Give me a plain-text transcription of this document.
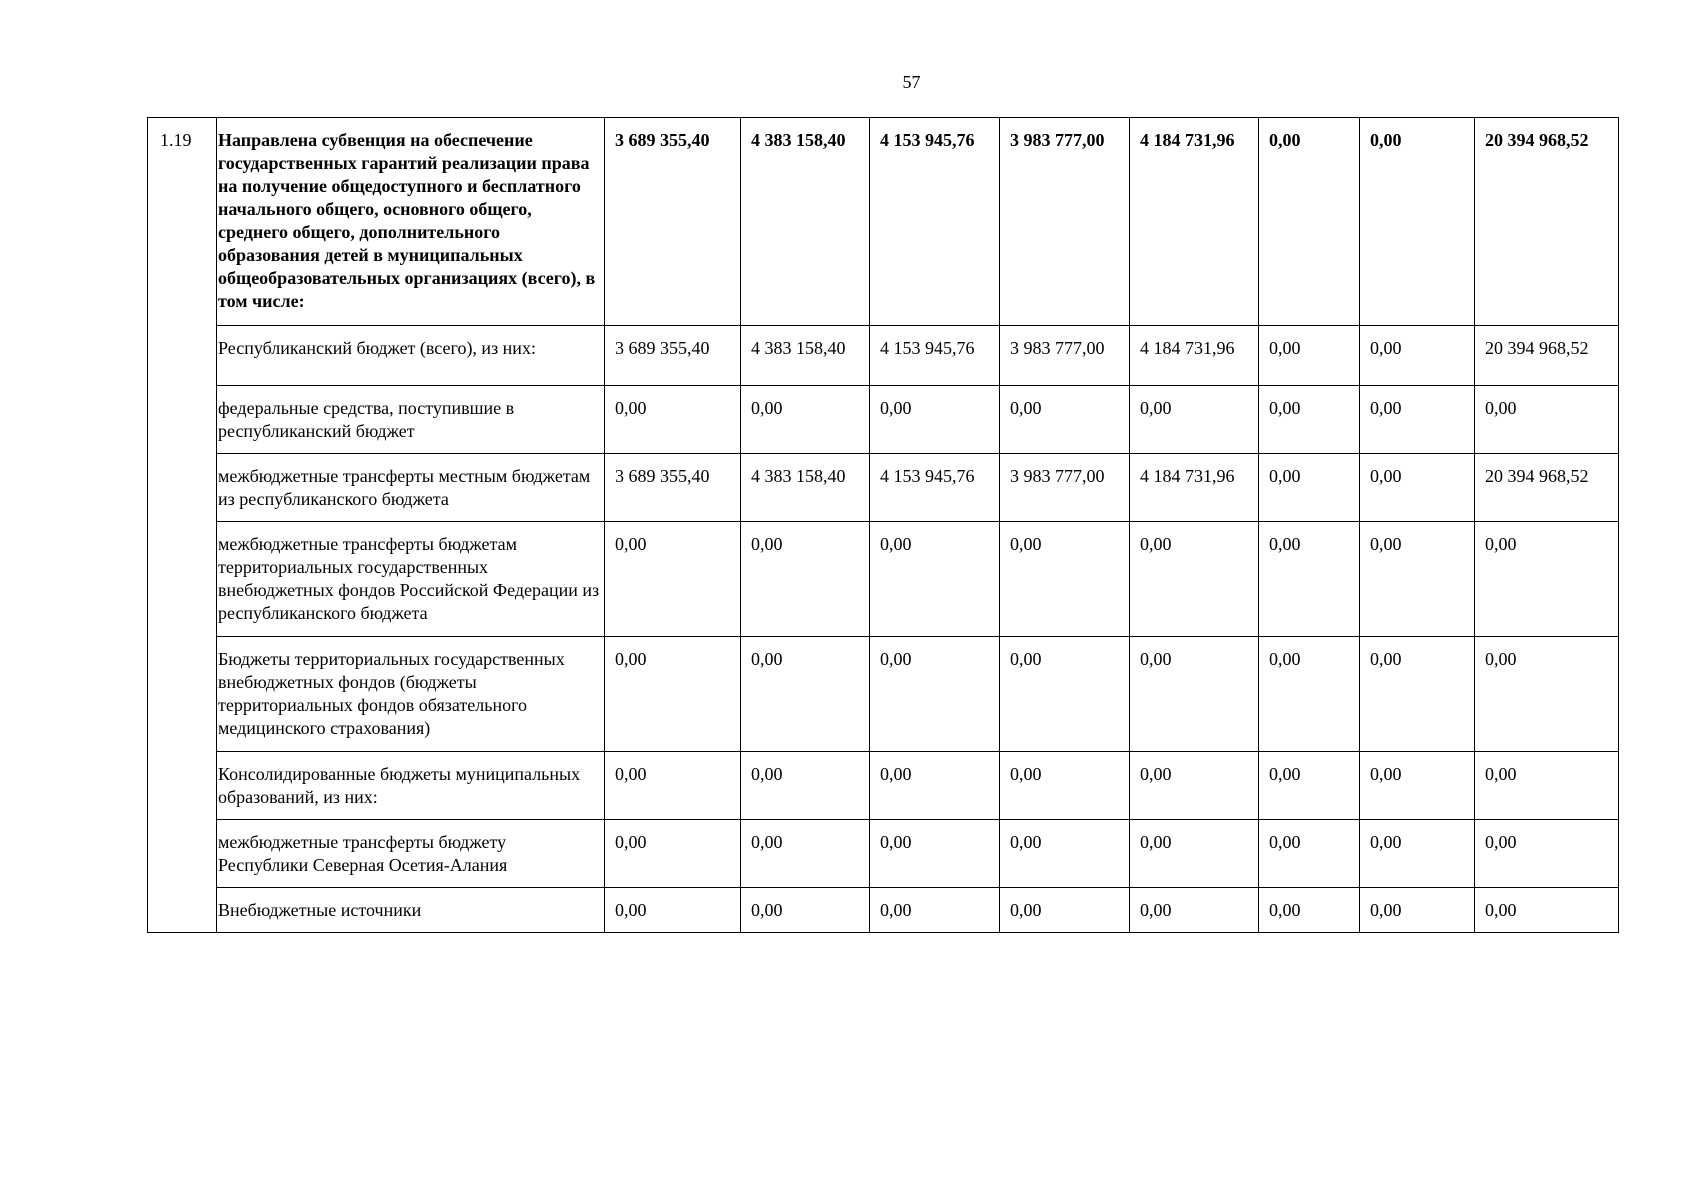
57
1.19	Направлена субвенция на обеспечение государственных гарантий реализации права на получение общедоступного и бесплатного начального общего, основного общего, среднего общего, дополнительного образования детей в муниципальных общеобразовательных организациях (всего), в том числе:	3 689 355,40	4 383 158,40	4 153 945,76	3 983 777,00	4 184 731,96	0,00	0,00	20 394 968,52
	Республиканский бюджет (всего), из них:	3 689 355,40	4 383 158,40	4 153 945,76	3 983 777,00	4 184 731,96	0,00	0,00	20 394 968,52
	федеральные средства, поступившие в республиканский бюджет	0,00	0,00	0,00	0,00	0,00	0,00	0,00	0,00
	межбюджетные трансферты местным бюджетам из республиканского бюджета	3 689 355,40	4 383 158,40	4 153 945,76	3 983 777,00	4 184 731,96	0,00	0,00	20 394 968,52
	межбюджетные трансферты бюджетам территориальных государственных внебюджетных фондов Российской Федерации из республиканского бюджета	0,00	0,00	0,00	0,00	0,00	0,00	0,00	0,00
	Бюджеты территориальных государственных внебюджетных фондов (бюджеты территориальных фондов обязательного медицинского страхования)	0,00	0,00	0,00	0,00	0,00	0,00	0,00	0,00
	Консолидированные бюджеты муниципальных образований, из них:	0,00	0,00	0,00	0,00	0,00	0,00	0,00	0,00
	межбюджетные трансферты бюджету Республики Северная Осетия-Алания	0,00	0,00	0,00	0,00	0,00	0,00	0,00	0,00
	Внебюджетные источники	0,00	0,00	0,00	0,00	0,00	0,00	0,00	0,00
